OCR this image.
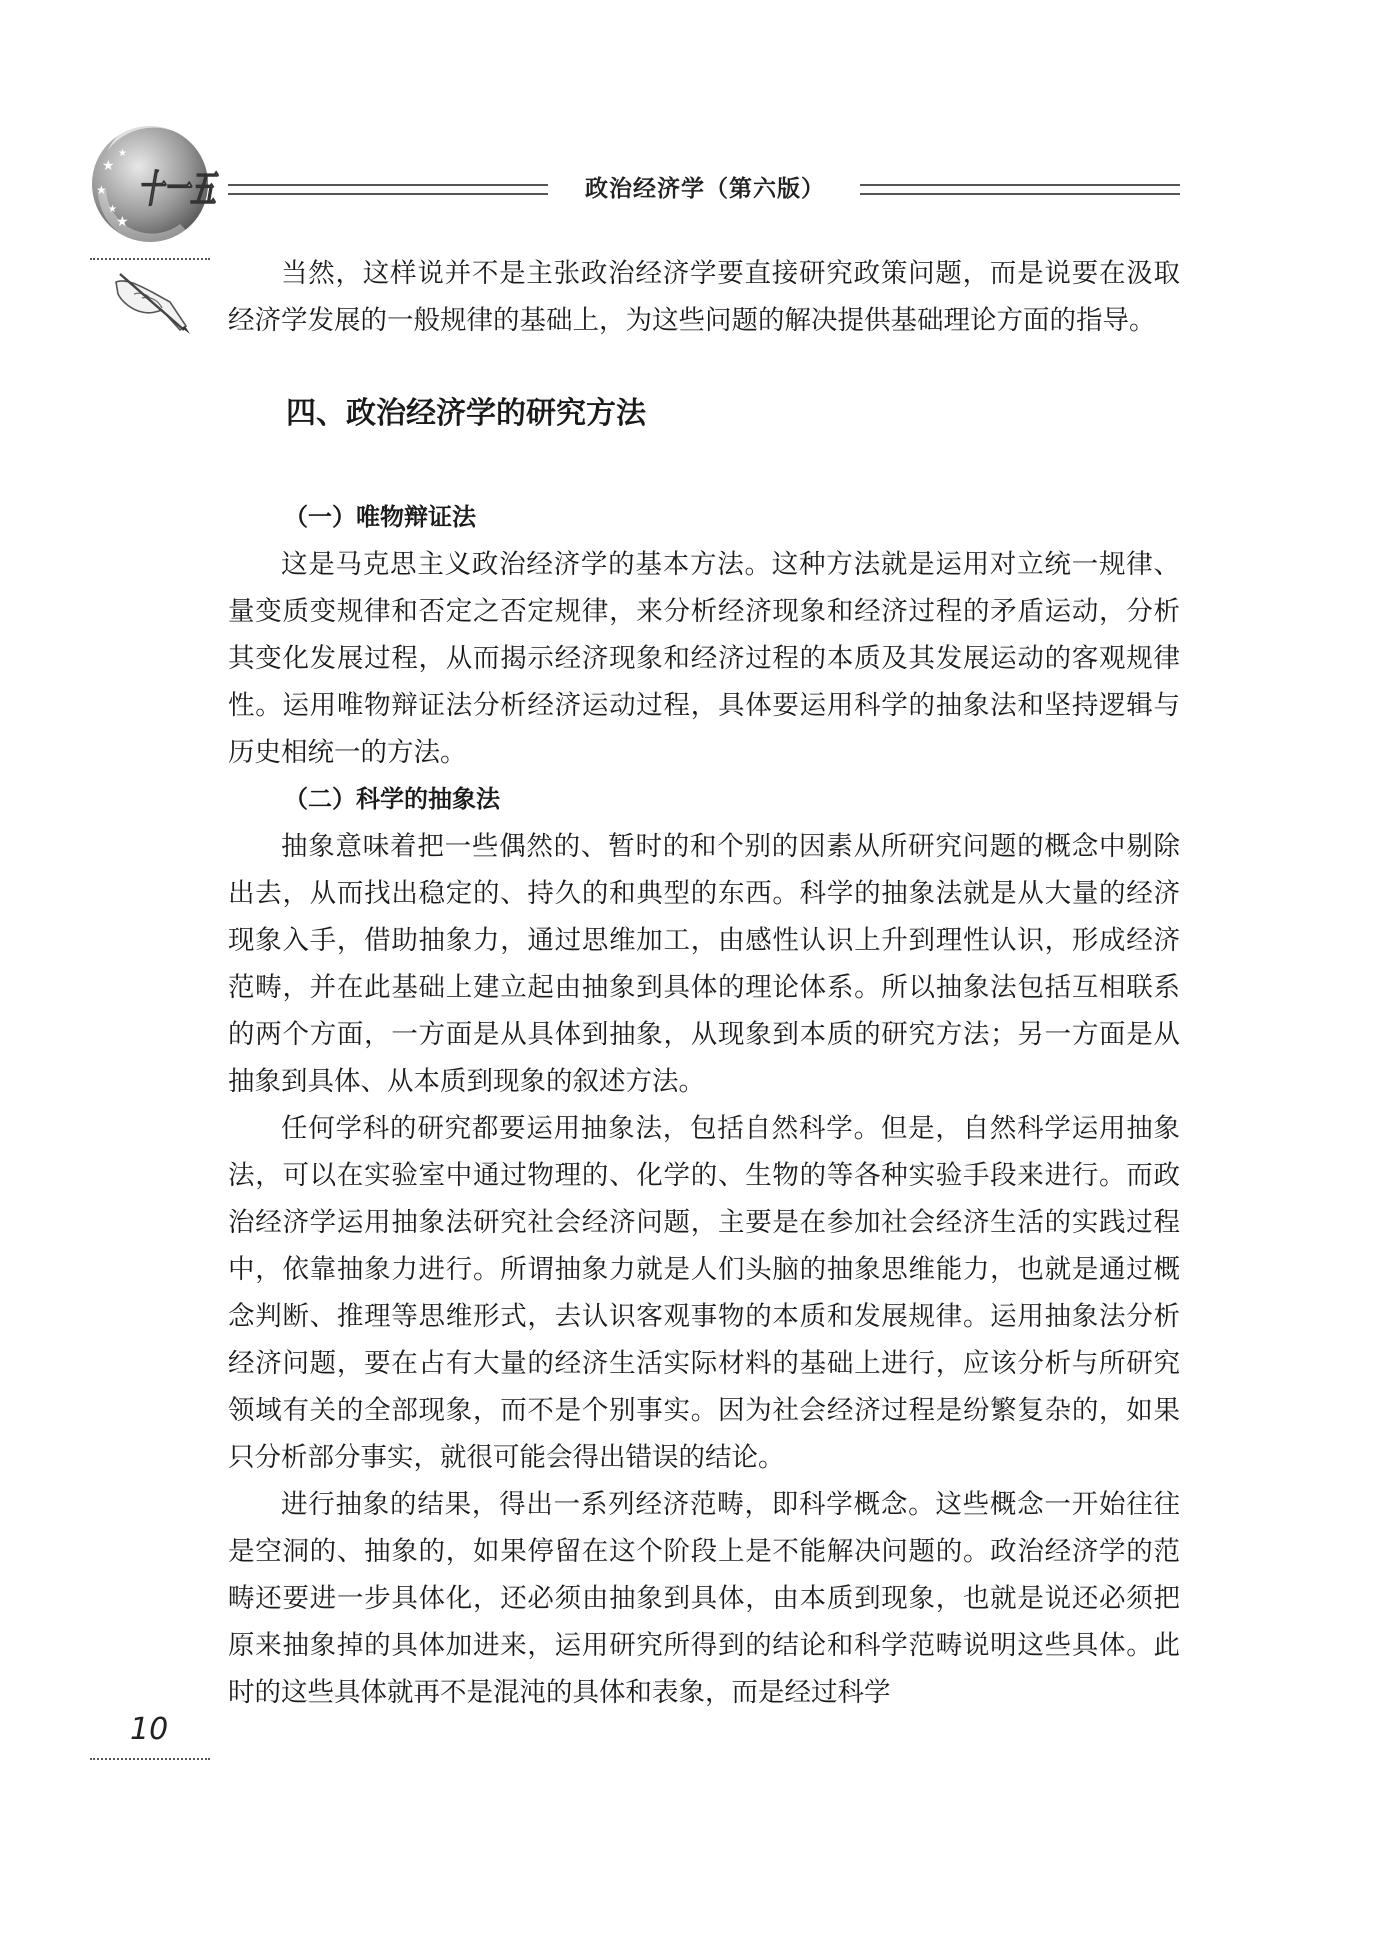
★
★
★
★
★ 十一五	政治经济学（第六版）

当然，这样说并不是主张政治经济学要直接研究政策问题，而是说要在汲取经济学发展的一般规律的基础上，为这些问题的解决提供基础理论方面的指导。

四、政治经济学的研究方法
（一）唯物辩证法

这是马克思主义政治经济学的基本方法。这种方法就是运用对立统一规律、量变质变规律和否定之否定规律，来分析经济现象和经济过程的矛盾运动，分析其变化发展过程，从而揭示经济现象和经济过程的本质及其发展运动的客观规律性。运用唯物辩证法分析经济运动过程，具体要运用科学的抽象法和坚持逻辑与历史相统一的方法。

（二）科学的抽象法

抽象意味着把一些偶然的、暂时的和个别的因素从所研究问题的概念中剔除出去，从而找出稳定的、持久的和典型的东西。科学的抽象法就是从大量的经济现象入手，借助抽象力，通过思维加工，由感性认识上升到理性认识，形成经济范畴，并在此基础上建立起由抽象到具体的理论体系。所以抽象法包括互相联系的两个方面，一方面是从具体到抽象，从现象到本质的研究方法；另一方面是从抽象到具体、从本质到现象的叙述方法。

任何学科的研究都要运用抽象法，包括自然科学。但是，自然科学运用抽象法，可以在实验室中通过物理的、化学的、生物的等各种实验手段来进行。而政治经济学运用抽象法研究社会经济问题，主要是在参加社会经济生活的实践过程中，依靠抽象力进行。所谓抽象力就是人们头脑的抽象思维能力，也就是通过概念判断、推理等思维形式，去认识客观事物的本质和发展规律。运用抽象法分析经济问题，要在占有大量的经济生活实际材料的基础上进行，应该分析与所研究领域有关的全部现象，而不是个别事实。因为社会经济过程是纷繁复杂的，如果只分析部分事实，就很可能会得出错误的结论。

进行抽象的结果，得出一系列经济范畴，即科学概念。这些概念一开始往往是空洞的、抽象的，如果停留在这个阶段上是不能解决问题的。政治经济学的范畴还要进一步具体化，还必须由抽象到具体，由本质到现象，也就是说还必须把原来抽象掉的具体加进来，运用研究所得到的结论和科学范畴说明这些具体。此时的这些具体就再不是混沌的具体和表象，而是经过科学

10
